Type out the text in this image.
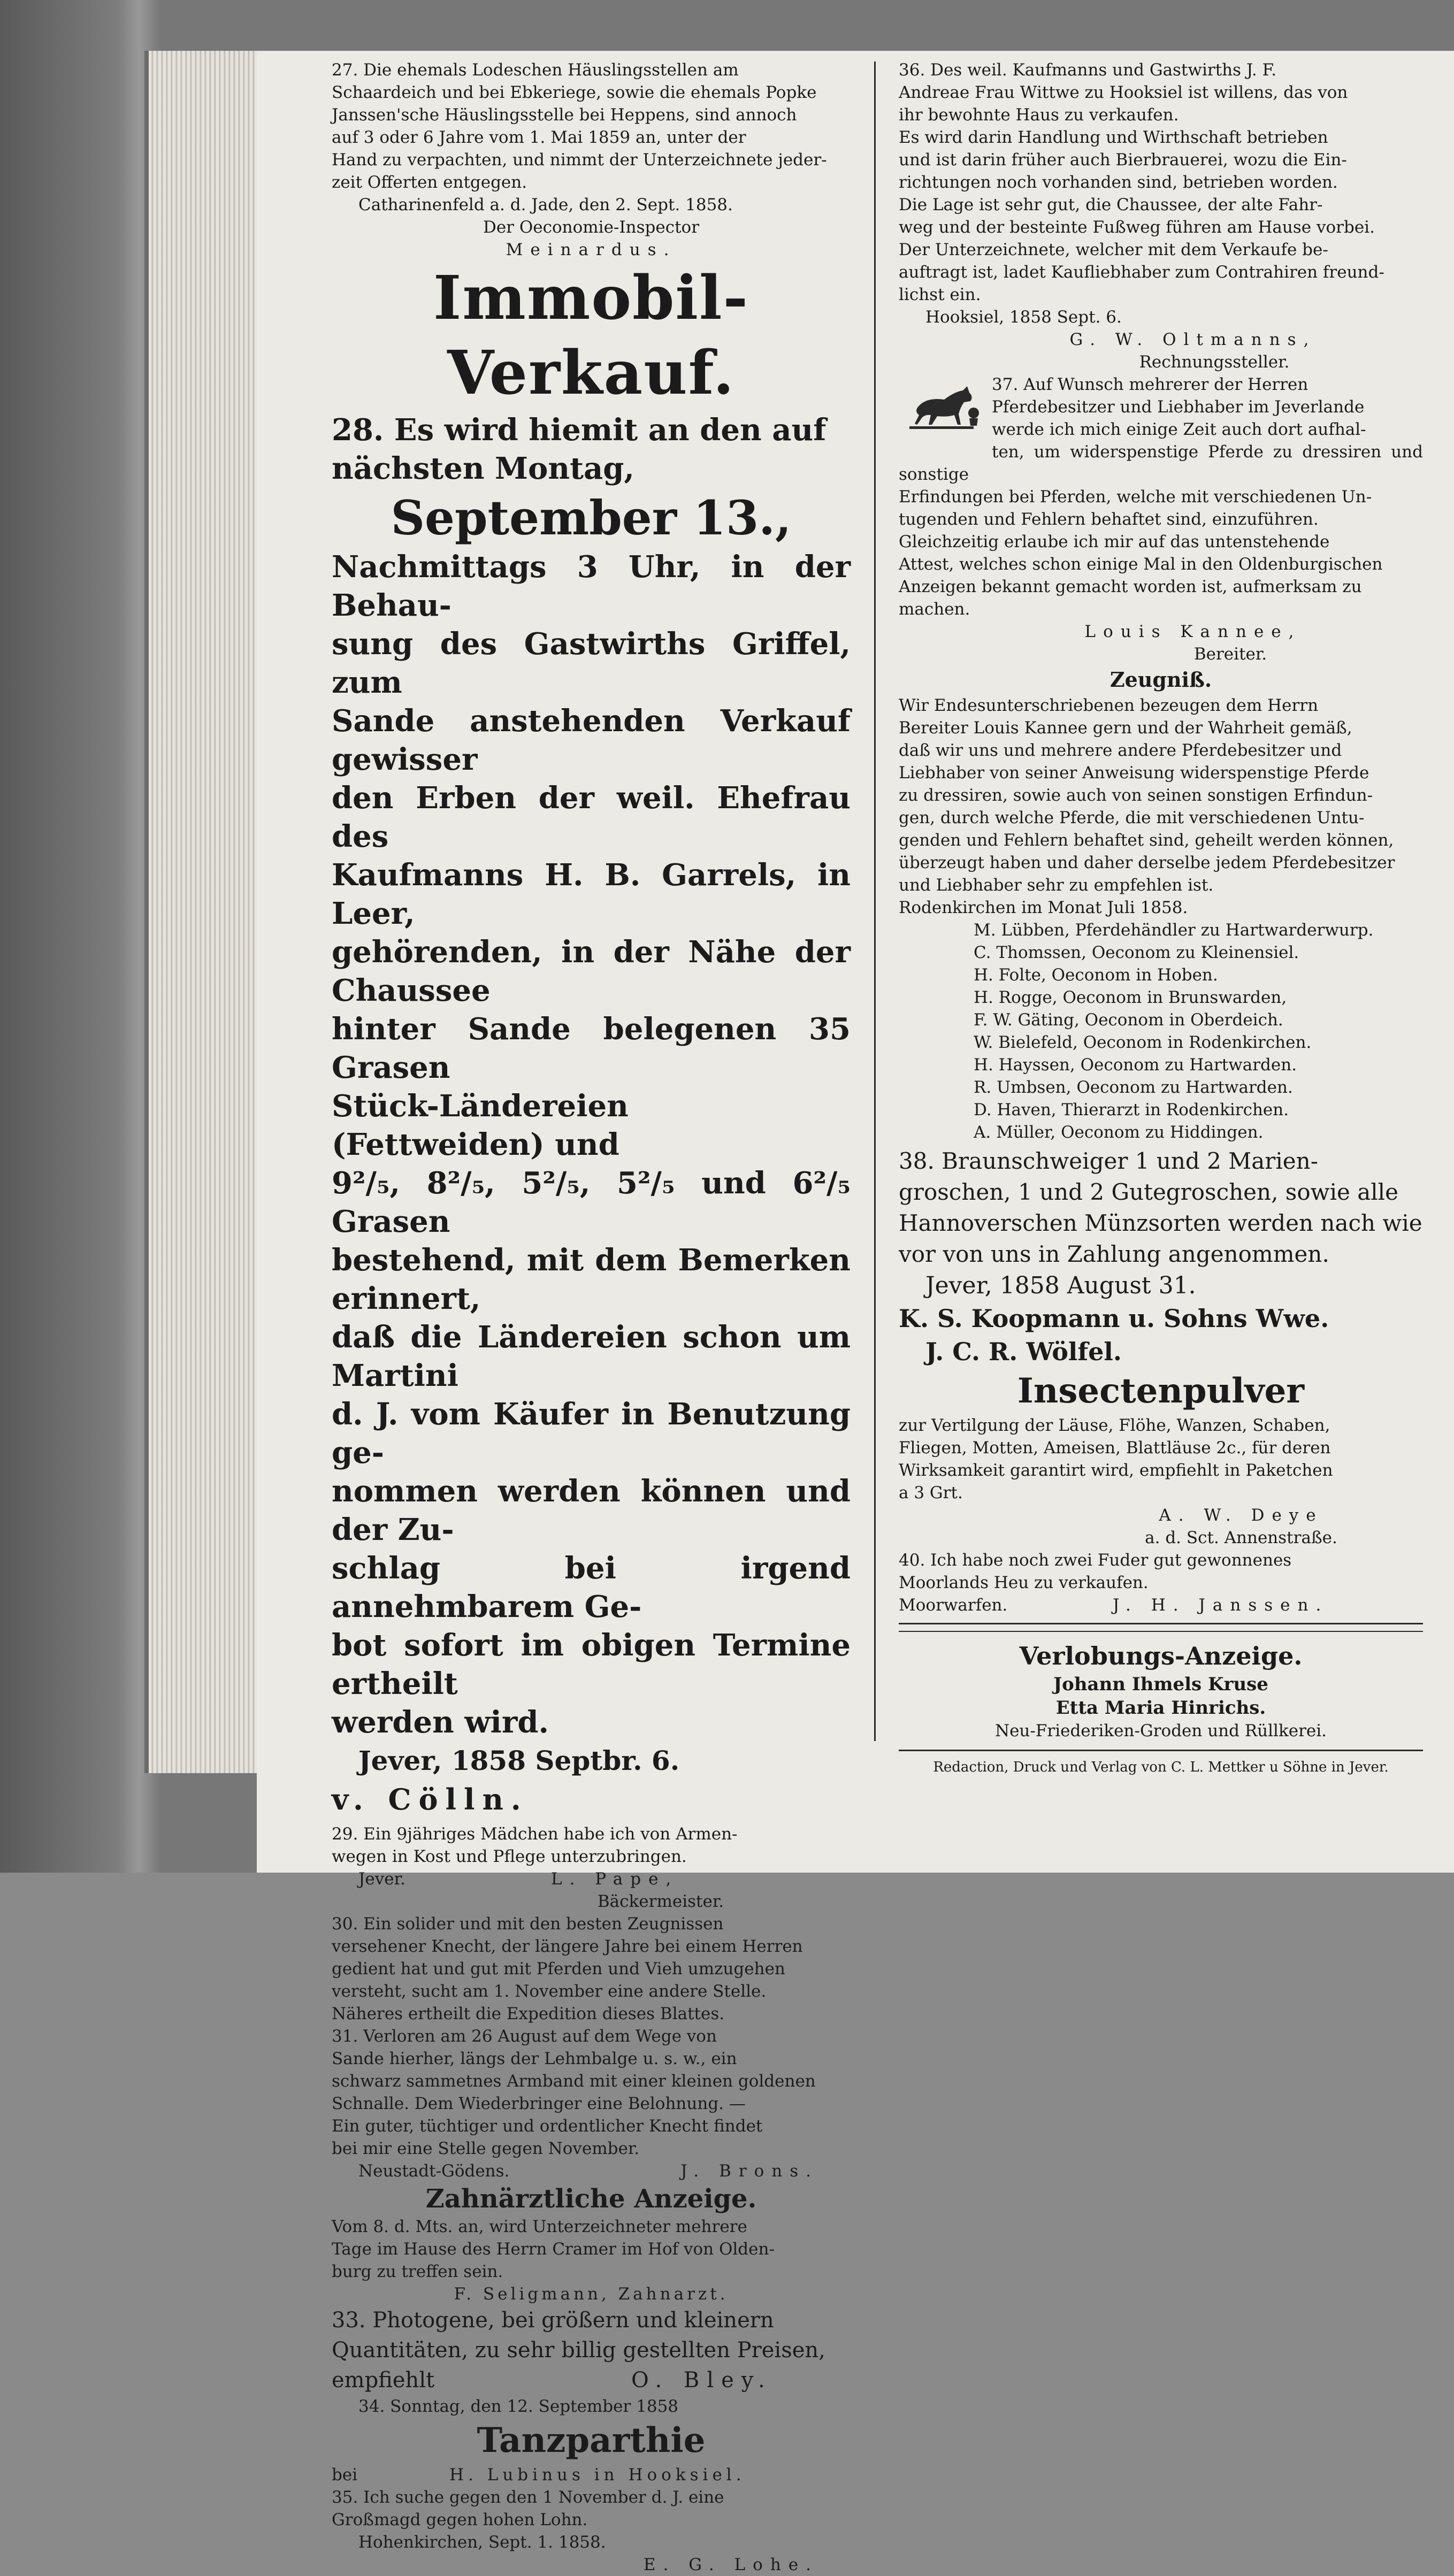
27. Die ehemals Lodeschen Häuslingsstellen am

Schaardeich und bei Ebkeriege, sowie die ehemals Popke

Janssen'sche Häuslingsstelle bei Heppens, sind annoch

auf 3 oder 6 Jahre vom 1. Mai 1859 an, unter der

Hand zu verpachten, und nimmt der Unterzeichnete jeder-

zeit Offerten entgegen.

Catharinenfeld a. d. Jade, den 2. Sept. 1858.

Der Oeconomie-Inspector

Meinardus.

Immobil-Verkauf.

28. Es wird hiemit an den auf

nächsten Montag,

September 13.,

Nachmittags 3 Uhr, in der Behau-

sung des Gastwirths Griffel, zum

Sande anstehenden Verkauf gewisser

den Erben der weil. Ehefrau des

Kaufmanns H. B. Garrels, in Leer,

gehörenden, in der Nähe der Chaussee

hinter Sande belegenen 35 Grasen

Stück-Ländereien (Fettweiden) und

9²/₅, 8²/₅, 5²/₅, 5²/₅ und 6²/₅ Grasen

bestehend, mit dem Bemerken erinnert,

daß die Ländereien schon um Martini

d. J. vom Käufer in Benutzung ge-

nommen werden können und der Zu-

schlag bei irgend annehmbarem Ge-

bot sofort im obigen Termine ertheilt

werden wird.

Jever, 1858 Septbr. 6.

v. Cölln.

29. Ein 9jähriges Mädchen habe ich von Armen-

wegen in Kost und Pflege unterzubringen.

Jever.	L. Pape,

Bäckermeister.

30. Ein solider und mit den besten Zeugnissen

versehener Knecht, der längere Jahre bei einem Herren

gedient hat und gut mit Pferden und Vieh umzugehen

versteht, sucht am 1. November eine andere Stelle.

Näheres ertheilt die Expedition dieses Blattes.

31. Verloren am 26 August auf dem Wege von

Sande hierher, längs der Lehmbalge u. s. w., ein

schwarz sammetnes Armband mit einer kleinen goldenen

Schnalle. Dem Wiederbringer eine Belohnung. —

Ein guter, tüchtiger und ordentlicher Knecht findet

bei mir eine Stelle gegen November.

Neustadt-Gödens.	J. Brons.

Zahnärztliche Anzeige.

Vom 8. d. Mts. an, wird Unterzeichneter mehrere

Tage im Hause des Herrn Cramer im Hof von Olden-

burg zu treffen sein.

F. Seligmann, Zahnarzt.

33. Photogene, bei größern und kleinern

Quantitäten, zu sehr billig gestellten Preisen,

empfiehlt	O. Bley.

34. Sonntag, den 12. September 1858

Tanzparthie

bei	H. Lubinus in Hooksiel.

35. Ich suche gegen den 1 November d. J. eine

Großmagd gegen hohen Lohn.

Hohenkirchen, Sept. 1. 1858.

E. G. Lohe.

36. Des weil. Kaufmanns und Gastwirths J. F.

Andreae Frau Wittwe zu Hooksiel ist willens, das von

ihr bewohnte Haus zu verkaufen.

Es wird darin Handlung und Wirthschaft betrieben

und ist darin früher auch Bierbrauerei, wozu die Ein-

richtungen noch vorhanden sind, betrieben worden.

Die Lage ist sehr gut, die Chaussee, der alte Fahr-

weg und der besteinte Fußweg führen am Hause vorbei.

Der Unterzeichnete, welcher mit dem Verkaufe be-

auftragt ist, ladet Kaufliebhaber zum Contrahiren freund-

lichst ein.

Hooksiel, 1858 Sept. 6.

G. W. Oltmanns,

Rechnungssteller.

37. Auf Wunsch mehrerer der Herren

Pferdebesitzer und Liebhaber im Jeverlande

werde ich mich einige Zeit auch dort aufhal-

ten, um widerspenstige Pferde zu dressiren und sonstige

Erfindungen bei Pferden, welche mit verschiedenen Un-

tugenden und Fehlern behaftet sind, einzuführen.

Gleichzeitig erlaube ich mir auf das untenstehende

Attest, welches schon einige Mal in den Oldenburgischen

Anzeigen bekannt gemacht worden ist, aufmerksam zu

machen.

Louis Kannee,

Bereiter.

Zeugniß.

Wir Endesunterschriebenen bezeugen dem Herrn

Bereiter Louis Kannee gern und der Wahrheit gemäß,

daß wir uns und mehrere andere Pferdebesitzer und

Liebhaber von seiner Anweisung widerspenstige Pferde

zu dressiren, sowie auch von seinen sonstigen Erfindun-

gen, durch welche Pferde, die mit verschiedenen Untu-

genden und Fehlern behaftet sind, geheilt werden können,

überzeugt haben und daher derselbe jedem Pferdebesitzer

und Liebhaber sehr zu empfehlen ist.

Rodenkirchen im Monat Juli 1858.

M. Lübben, Pferdehändler zu Hartwarderwurp.

C. Thomssen, Oeconom zu Kleinensiel.

H. Folte, Oeconom in Hoben.

H. Rogge, Oeconom in Brunswarden,

F. W. Gäting, Oeconom in Oberdeich.

W. Bielefeld, Oeconom in Rodenkirchen.

H. Hayssen, Oeconom zu Hartwarden.

R. Umbsen, Oeconom zu Hartwarden.

D. Haven, Thierarzt in Rodenkirchen.

A. Müller, Oeconom zu Hiddingen.

38. Braunschweiger 1 und 2 Marien-

groschen, 1 und 2 Gutegroschen, sowie alle

Hannoverschen Münzsorten werden nach wie

vor von uns in Zahlung angenommen.

Jever, 1858 August 31.

K. S. Koopmann u. Sohns Wwe.

J. C. R. Wölfel.

Insectenpulver

zur Vertilgung der Läuse, Flöhe, Wanzen, Schaben,

Fliegen, Motten, Ameisen, Blattläuse 2c., für deren

Wirksamkeit garantirt wird, empfiehlt in Paketchen

a 3 Grt.

A. W. Deye

a. d. Sct. Annenstraße.

40. Ich habe noch zwei Fuder gut gewonnenes

Moorlands Heu zu verkaufen.

Moorwarfen.	J. H. Janssen.

Verlobungs-Anzeige.

Johann Ihmels Kruse

Etta Maria Hinrichs.

Neu-Friederiken-Groden und Rüllkerei.

Redaction, Druck und Verlag von C. L. Mettker u Söhne in Jever.
